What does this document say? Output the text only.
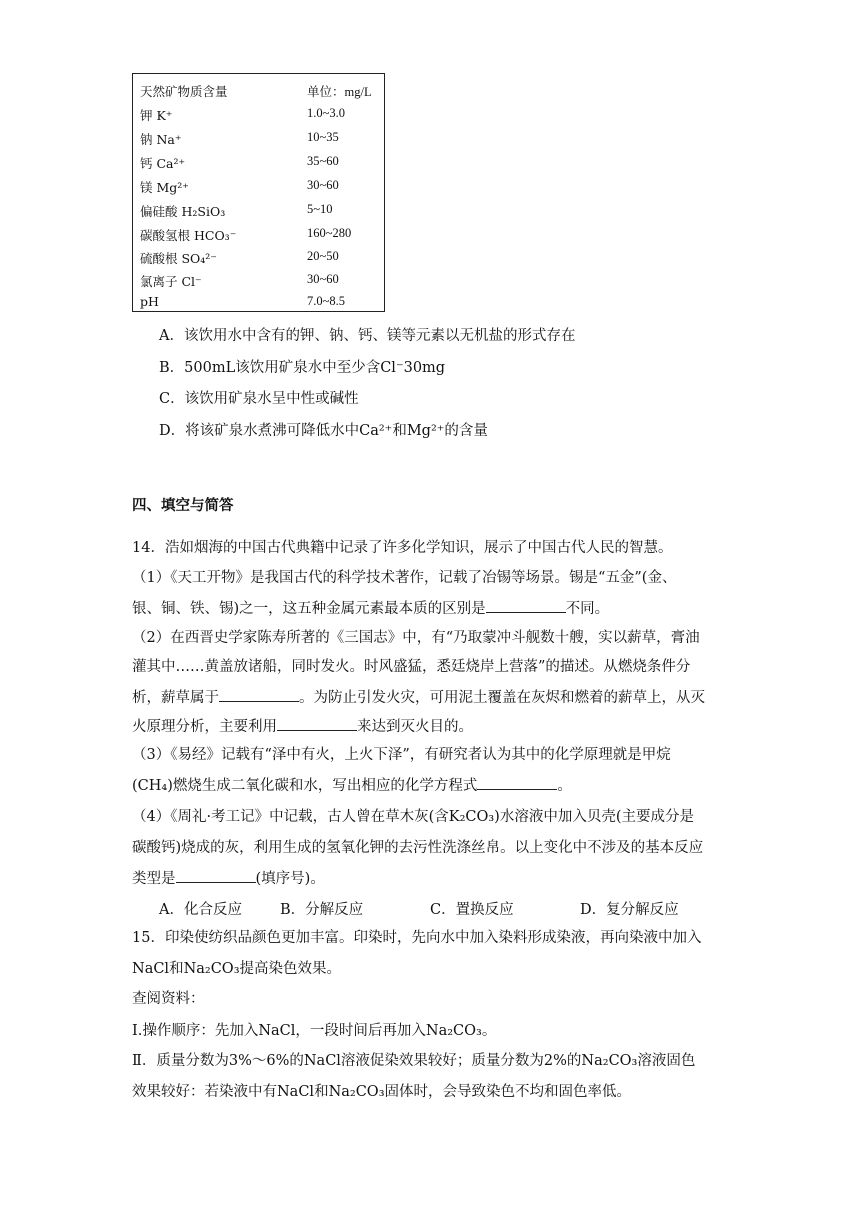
天然矿物质含量	单位：mg/L
钾 K⁺	1.0~3.0
钠 Na⁺	10~35
钙 Ca²⁺	35~60
镁 Mg²⁺	30~60
偏硅酸 H₂SiO₃	5~10
碳酸氢根 HCO₃⁻	160~280
硫酸根 SO₄²⁻	20~50
氯离子 Cl⁻	30~60
pH	7.0~8.5
A．该饮用水中含有的钾、钠、钙、镁等元素以无机盐的形式存在
B．500mL该饮用矿泉水中至少含Cl⁻30mg
C．该饮用矿泉水呈中性或碱性
D．将该矿泉水煮沸可降低水中Ca²⁺和Mg²⁺的含量
四、填空与简答
14．浩如烟海的中国古代典籍中记录了许多化学知识，展示了中国古代人民的智慧。
（1）《天工开物》是我国古代的科学技术著作，记载了冶锡等场景。锡是“五金”(金、
银、铜、铁、锡)之一，这五种金属元素最本质的区别是	不同。
（2）在西晋史学家陈寿所著的《三国志》中，有“乃取蒙冲斗舰数十艘，实以薪草，膏油
灌其中……黄盖放诸船，同时发火。时风盛猛，悉廷烧岸上营落”的描述。从燃烧条件分
析，薪草属于	。为防止引发火灾，可用泥土覆盖在灰烬和燃着的薪草上，从灭
火原理分析，主要利用	来达到灭火目的。
（3）《易经》记载有“泽中有火，上火下泽”，有研究者认为其中的化学原理就是甲烷
(CH₄)燃烧生成二氧化碳和水，写出相应的化学方程式	。
（4）《周礼·考工记》中记载，古人曾在草木灰(含K₂CO₃)水溶液中加入贝壳(主要成分是
碳酸钙)烧成的灰，利用生成的氢氧化钾的去污性洗涤丝帛。以上变化中不涉及的基本反应
类型是	(填序号)。
A．化合反应	B．分解反应	C．置换反应	D．复分解反应
15．印染使纺织品颜色更加丰富。印染时，先向水中加入染料形成染液，再向染液中加入
NaCl和Na₂CO₃提高染色效果。
查阅资料：
I.操作顺序：先加入NaCl，一段时间后再加入Na₂CO₃。
Ⅱ．质量分数为3%～6%的NaCl溶液促染效果较好；质量分数为2%的Na₂CO₃溶液固色
效果较好：若染液中有NaCl和Na₂CO₃固体时，会导致染色不均和固色率低。
